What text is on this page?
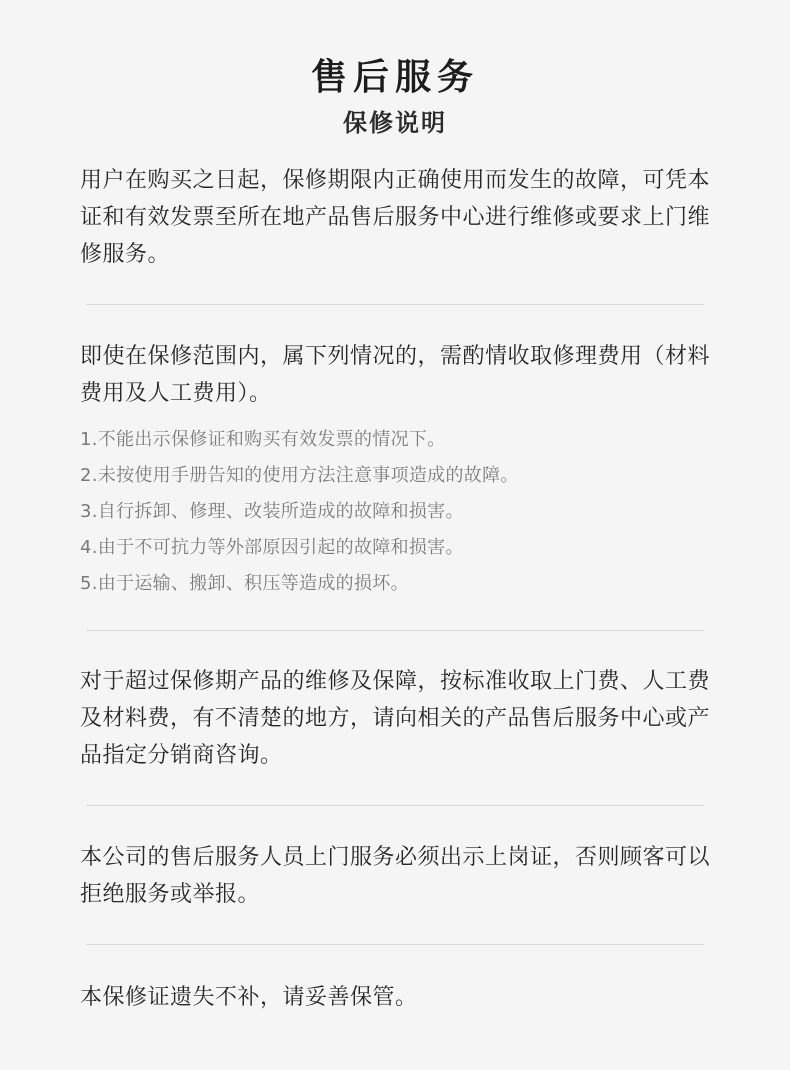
售后服务
保修说明

用户在购买之日起，保修期限内正确使用而发生的故障，可凭本证和有效发票至所在地产品售后服务中心进行维修或要求上门维修服务。

即使在保修范围内，属下列情况的，需酌情收取修理费用（材料费用及人工费用）。

1.不能出示保修证和购买有效发票的情况下。
2.未按使用手册告知的使用方法注意事项造成的故障。
3.自行拆卸、修理、改装所造成的故障和损害。
4.由于不可抗力等外部原因引起的故障和损害。
5.由于运输、搬卸、积压等造成的损坏。

对于超过保修期产品的维修及保障，按标准收取上门费、人工费及材料费，有不清楚的地方，请向相关的产品售后服务中心或产品指定分销商咨询。

本公司的售后服务人员上门服务必须出示上岗证，否则顾客可以拒绝服务或举报。

本保修证遗失不补，请妥善保管。
